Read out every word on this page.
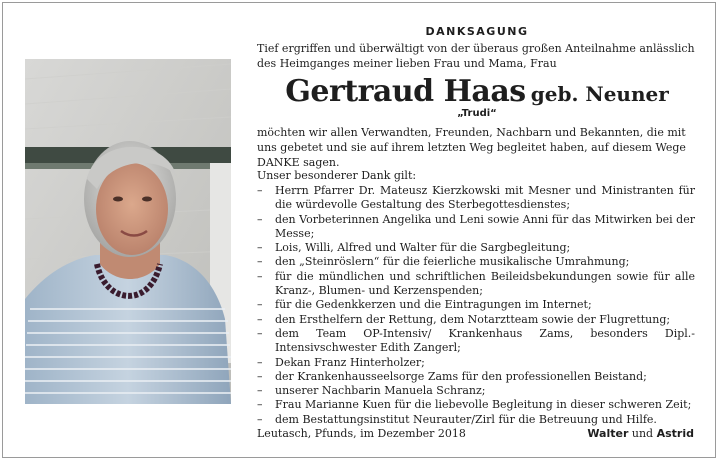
DANKSAGUNG
Tief ergriffen und überwältigt von der überaus großen Anteilnahme anlässlich des Heimganges meiner lieben Frau und Mama, Frau
Gertraud Haas geb. Neuner
„Trudi“
möchten wir allen Verwandten, Freunden, Nachbarn und Bekannten, die mit uns gebetet und sie auf ihrem letzten Weg begleitet haben, auf diesem Wege DANKE sagen.
Unser besonderer Dank gilt:
– Herrn Pfarrer Dr. Mateusz Kierzkowski mit Mesner und Ministranten für die würdevolle Gestaltung des Sterbegottesdienstes;
– den Vorbeterinnen Angelika und Leni sowie Anni für das Mitwirken bei der Messe;
– Lois, Willi, Alfred und Walter für die Sargbegleitung;
– den „Steinröslern“ für die feierliche musikalische Umrahmung;
– für die mündlichen und schriftlichen Beileidsbekundungen sowie für alle Kranz-, Blumen- und Kerzenspenden;
– für die Gedenkkerzen und die Eintragungen im Internet;
– den Ersthelfern der Rettung, dem Notarztteam sowie der Flugrettung;
– dem Team OP-Intensiv/ Krankenhaus Zams, besonders Dipl.-Intensivschwester Edith Zangerl;
– Dekan Franz Hinterholzer;
– der Krankenhausseelsorge Zams für den professionellen Beistand;
– unserer Nachbarin Manuela Schranz;
– Frau Marianne Kuen für die liebevolle Begleitung in dieser schweren Zeit;
– dem Bestattungsinstitut Neurauter/Zirl für die Betreuung und Hilfe.
Leutasch, Pfunds, im Dezember 2018	Walter und Astrid
